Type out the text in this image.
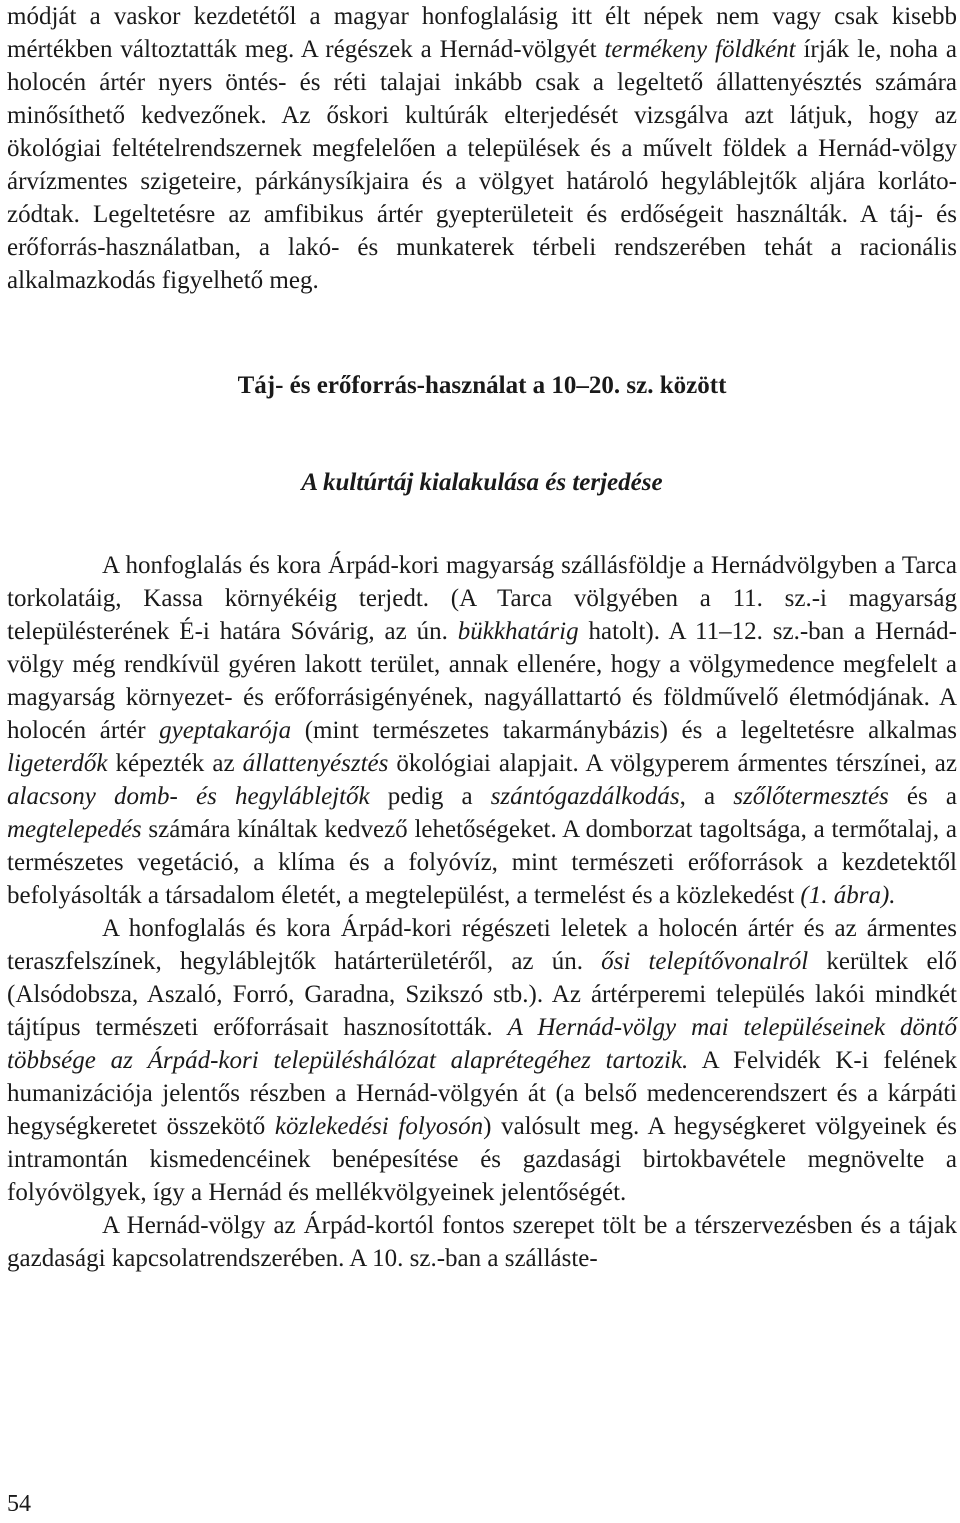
módját a vaskor kezdetétől a magyar honfoglalásig itt élt népek nem vagy csak kisebb mértékben változtatták meg. A régészek a Hernád-völgyét termékeny földként írják le, noha a holocén ártér nyers öntés- és réti talajai inkább csak a legeltető állattenyésztés számára minősíthető kedvezőnek. Az őskori kultúrák elterjedését vizsgálva azt látjuk, hogy az ökológiai feltételrendszernek megfelelően a települések és a művelt földek a Hernád-völgy árvízmentes szigeteire, párkánysíkjaira és a völgyet határoló hegyláblejtők aljára korlátozódtak. Legeltetésre az amfibikus ártér gyepterületeit és erdőségeit használták. A táj- és erőforrás-használatban, a lakó- és munkaterek térbeli rendszerében tehát a racionális alkalmazkodás figyelhető meg.

Táj- és erőforrás-használat a 10–20. sz. között
A kultúrtáj kialakulása és terjedése

A honfoglalás és kora Árpád-kori magyarság szállásföldje a Hernádvölgyben a Tarca torkolatáig, Kassa környékéig terjedt. (A Tarca völgyében a 11. sz.-i magyarság településterének É-i határa Sóvárig, az ún. bükkhatárig hatolt). A 11–12. sz.-ban a Hernád-völgy még rendkívül gyéren lakott terület, annak ellenére, hogy a völgymedence megfelelt a magyarság környezet- és erőforrásigényének, nagyállattartó és földművelő életmódjának. A holocén ártér gyeptakarója (mint természetes takarmánybázis) és a legeltetésre alkalmas ligeterdők képezték az állattenyésztés ökológiai alapjait. A völgyperem ármentes térszínei, az alacsony domb- és hegyláblejtők pedig a szántógazdálkodás, a szőlőtermesztés és a megtelepedés számára kínáltak kedvező lehetőségeket. A domborzat tagoltsága, a termőtalaj, a természetes vegetáció, a klíma és a folyóvíz, mint természeti erőforrások a kezdetektől befolyásolták a társadalom életét, a megtelepülést, a termelést és a közlekedést (1. ábra).

A honfoglalás és kora Árpád-kori régészeti leletek a holocén ártér és az ármentes teraszfelszínek, hegyláblejtők határterületéről, az ún. ősi telepítővonalról kerültek elő (Alsódobsza, Aszaló, Forró, Garadna, Szikszó stb.). Az ártérperemi település lakói mindkét tájtípus természeti erőforrásait hasznosították. A Hernád-völgy mai településeinek döntő többsége az Árpád-kori településhálózat alaprétegéhez tartozik. A Felvidék K-i felének humanizációja jelentős részben a Hernád-völgyén át (a belső medencerendszert és a kárpáti hegységkeretet összekötő közlekedési folyosón) valósult meg. A hegységkeret völgyeinek és intramontán kismedencéinek benépesítése és gazdasági birtokbavétele megnövelte a folyóvölgyek, így a Hernád és mellékvölgyeinek jelentőségét.

A Hernád-völgy az Árpád-kortól fontos szerepet tölt be a térszervezésben és a tájak gazdasági kapcsolatrendszerében. A 10. sz.-ban a szálláste-

54
